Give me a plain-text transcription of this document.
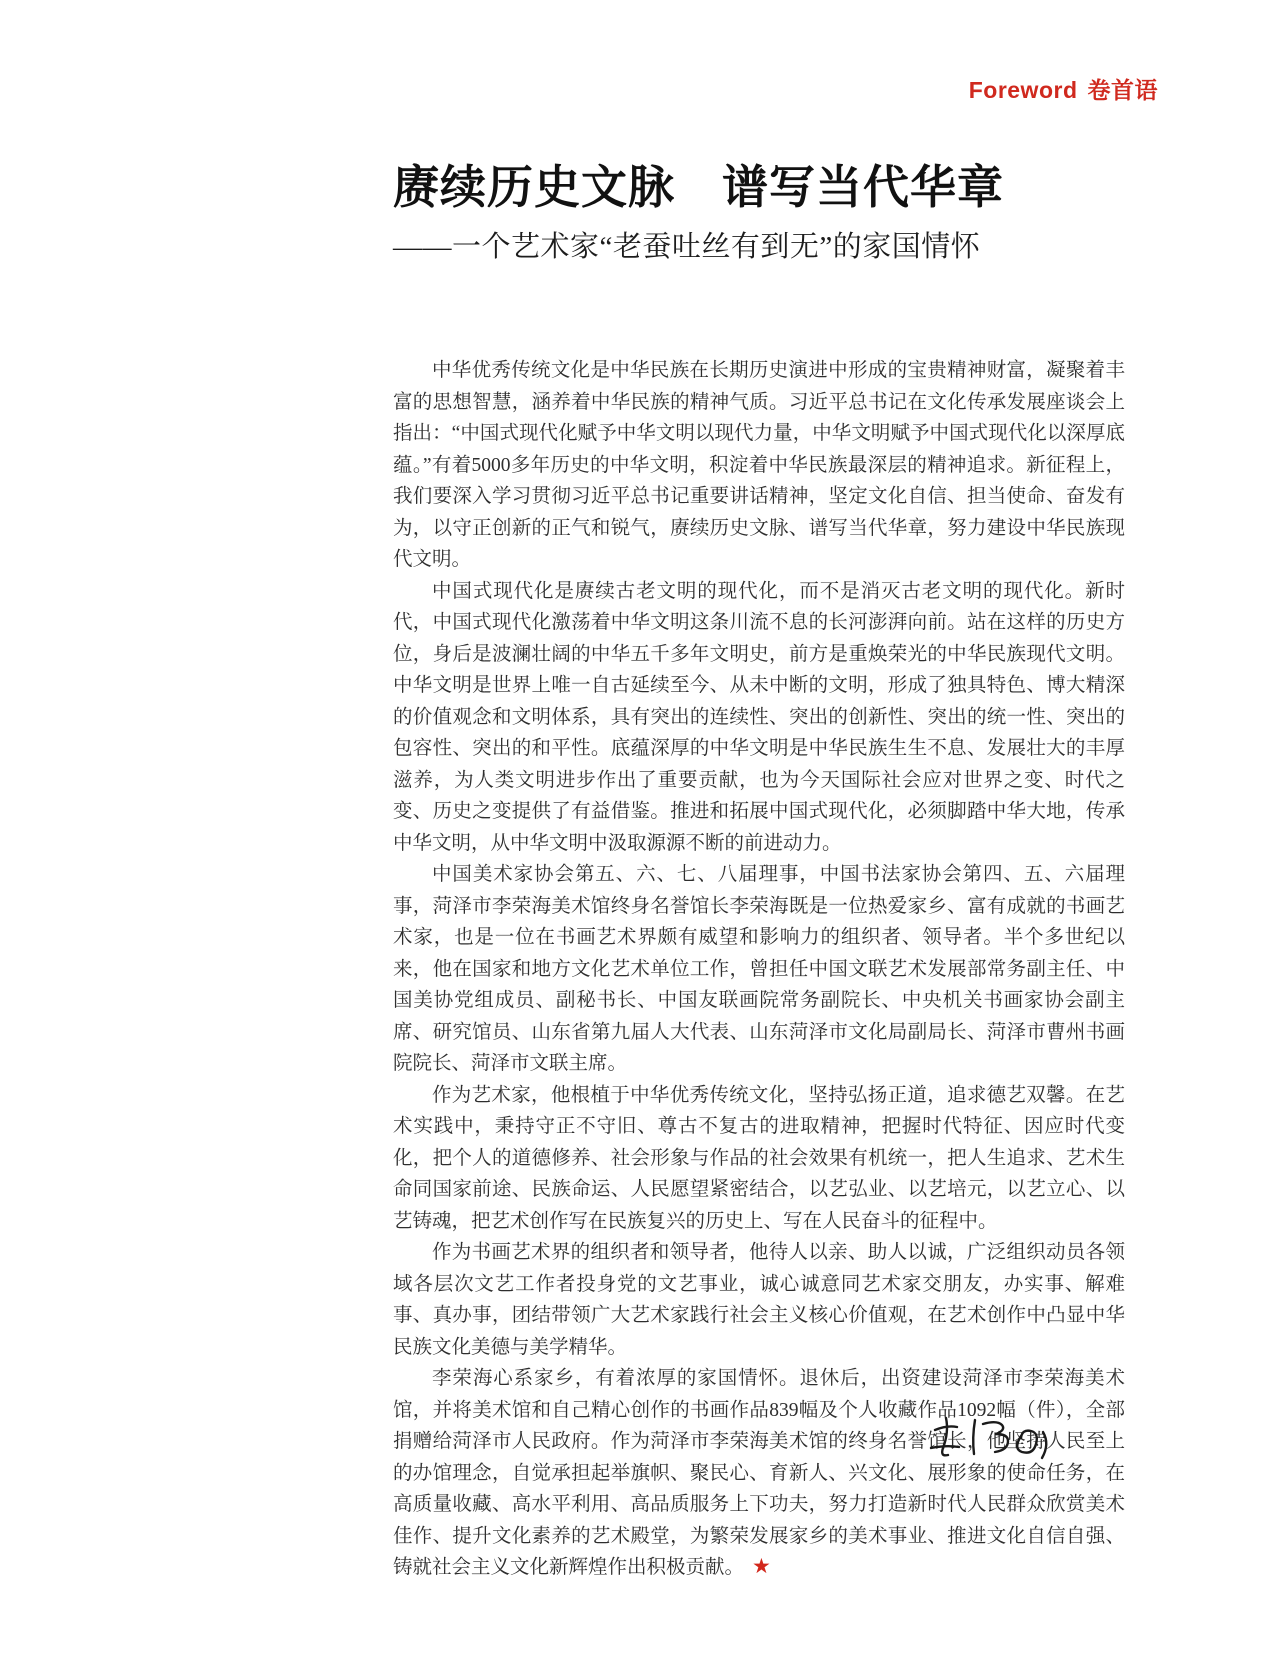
Foreword 卷首语
赓续历史文脉　谱写当代华章
——一个艺术家“老蚕吐丝有到无”的家国情怀

中华优秀传统文化是中华民族在长期历史演进中形成的宝贵精神财富，凝聚着丰富的思想智慧，涵养着中华民族的精神气质。习近平总书记在文化传承发展座谈会上指出：“中国式现代化赋予中华文明以现代力量，中华文明赋予中国式现代化以深厚底蕴。”有着5000多年历史的中华文明，积淀着中华民族最深层的精神追求。新征程上，我们要深入学习贯彻习近平总书记重要讲话精神，坚定文化自信、担当使命、奋发有为，以守正创新的正气和锐气，赓续历史文脉、谱写当代华章，努力建设中华民族现代文明。

中国式现代化是赓续古老文明的现代化，而不是消灭古老文明的现代化。新时代，中国式现代化激荡着中华文明这条川流不息的长河澎湃向前。站在这样的历史方位，身后是波澜壮阔的中华五千多年文明史，前方是重焕荣光的中华民族现代文明。中华文明是世界上唯一自古延续至今、从未中断的文明，形成了独具特色、博大精深的价值观念和文明体系，具有突出的连续性、突出的创新性、突出的统一性、突出的包容性、突出的和平性。底蕴深厚的中华文明是中华民族生生不息、发展壮大的丰厚滋养，为人类文明进步作出了重要贡献，也为今天国际社会应对世界之变、时代之变、历史之变提供了有益借鉴。推进和拓展中国式现代化，必须脚踏中华大地，传承中华文明，从中华文明中汲取源源不断的前进动力。

中国美术家协会第五、六、七、八届理事，中国书法家协会第四、五、六届理事，菏泽市李荣海美术馆终身名誉馆长李荣海既是一位热爱家乡、富有成就的书画艺术家，也是一位在书画艺术界颇有威望和影响力的组织者、领导者。半个多世纪以来，他在国家和地方文化艺术单位工作，曾担任中国文联艺术发展部常务副主任、中国美协党组成员、副秘书长、中国友联画院常务副院长、中央机关书画家协会副主席、研究馆员、山东省第九届人大代表、山东菏泽市文化局副局长、菏泽市曹州书画院院长、菏泽市文联主席。

作为艺术家，他根植于中华优秀传统文化，坚持弘扬正道，追求德艺双馨。在艺术实践中，秉持守正不守旧、尊古不复古的进取精神，把握时代特征、因应时代变化，把个人的道德修养、社会形象与作品的社会效果有机统一，把人生追求、艺术生命同国家前途、民族命运、人民愿望紧密结合，以艺弘业、以艺培元，以艺立心、以艺铸魂，把艺术创作写在民族复兴的历史上、写在人民奋斗的征程中。

作为书画艺术界的组织者和领导者，他待人以亲、助人以诚，广泛组织动员各领域各层次文艺工作者投身党的文艺事业，诚心诚意同艺术家交朋友，办实事、解难事、真办事，团结带领广大艺术家践行社会主义核心价值观，在艺术创作中凸显中华民族文化美德与美学精华。

李荣海心系家乡，有着浓厚的家国情怀。退休后，出资建设菏泽市李荣海美术馆，并将美术馆和自己精心创作的书画作品839幅及个人收藏作品1092幅（件），全部捐赠给菏泽市人民政府。作为菏泽市李荣海美术馆的终身名誉馆长，他坚持人民至上的办馆理念，自觉承担起举旗帜、聚民心、育新人、兴文化、展形象的使命任务，在高质量收藏、高水平利用、高品质服务上下功夫，努力打造新时代人民群众欣赏美术佳作、提升文化素养的艺术殿堂，为繁荣发展家乡的美术事业、推进文化自信自强、铸就社会主义文化新辉煌作出积极贡献。 ★
